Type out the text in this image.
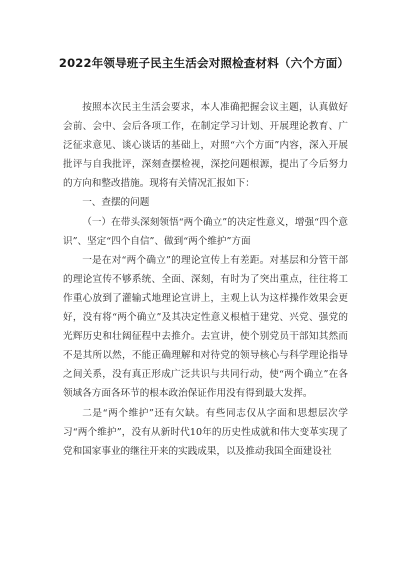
2022年领导班子民主生活会对照检查材料（六个方面）

按照本次民主生活会要求，本人准确把握会议主题，认真做好会前、会中、会后各项工作，在制定学习计划、开展理论教育、广泛征求意见、谈心谈话的基础上，对照“六个方面”内容，深入开展批评与自我批评，深刻查摆检视，深挖问题根源，提出了今后努力的方向和整改措施。现将有关情况汇报如下：

一、查摆的问题

（一）在带头深刻领悟“两个确立”的决定性意义，增强“四个意识”、坚定“四个自信”、做到“两个维护”方面

一是在对“两个确立”的理论宣传上有差距。对基层和分管干部的理论宣传不够系统、全面、深刻，有时为了突出重点，往往将工作重心放到了灌输式地理论宣讲上，主观上认为这样操作效果会更好，没有将“两个确立”及其决定性意义根植于建党、兴党、强党的光辉历史和壮阔征程中去推介。去宣讲，使个别党员干部知其然而不是其所以然，不能正确理解和对待党的领导核心与科学理论指导之间关系，没有真正形成广泛共识与共同行动，使“两个确立”在各领域各方面各环节的根本政治保证作用没有得到最大发挥。

二是“两个维护”还有欠缺。有些同志仅从字面和思想层次学习“两个维护”，没有从新时代10年的历史性成就和伟大变革实现了党和国家事业的继往开来的实践成果，以及推动我国全面建设社
